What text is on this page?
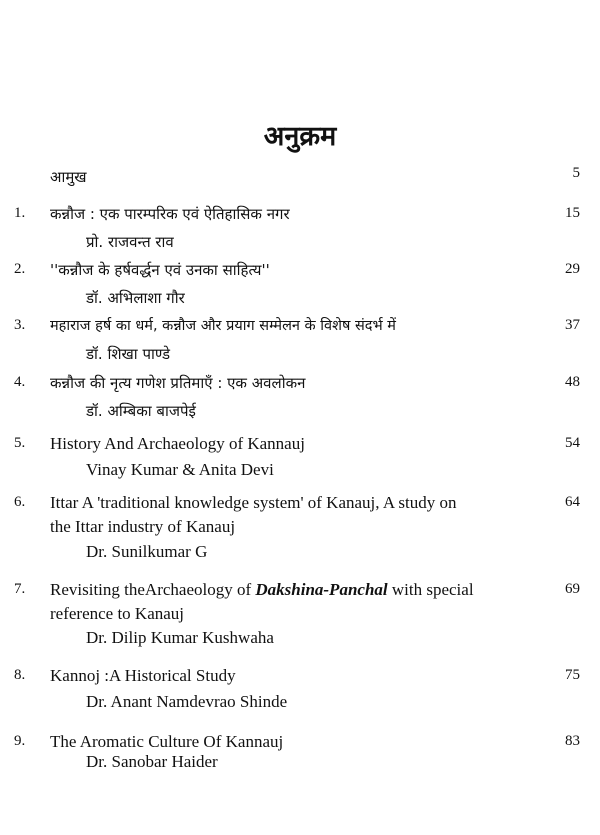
अनुक्रम
आमुख	5
1. कन्नौज : एक पारम्परिक एवं ऐतिहासिक नगर	15
प्रो. राजवन्त राव
2. ''कन्नौज के हर्षवर्द्धन एवं उनका साहित्य''	29
डॉ. अभिलाशा गौर
3. महाराज हर्ष का धर्म, कन्नौज और प्रयाग सम्मेलन के विशेष संदर्भ में	37
डॉ. शिखा पाण्डे
4. कन्नौज की नृत्य गणेश प्रतिमाएँ : एक अवलोकन	48
डॉ. अम्बिका बाजपेई
5. History And Archaeology of Kannauj	54
Vinay Kumar & Anita Devi
6. Ittar A 'traditional knowledge system' of Kanauj, A study on
the Ittar industry of Kanauj
64
Dr. Sunilkumar G
7. Revisiting theArchaeology of Dakshina-Panchal with special
reference to Kanauj
69
Dr. Dilip Kumar Kushwaha
8. Kannoj :A Historical Study	75
Dr. Anant Namdevrao Shinde
9. The Aromatic Culture Of Kannauj	83
Dr. Sanobar Haider
